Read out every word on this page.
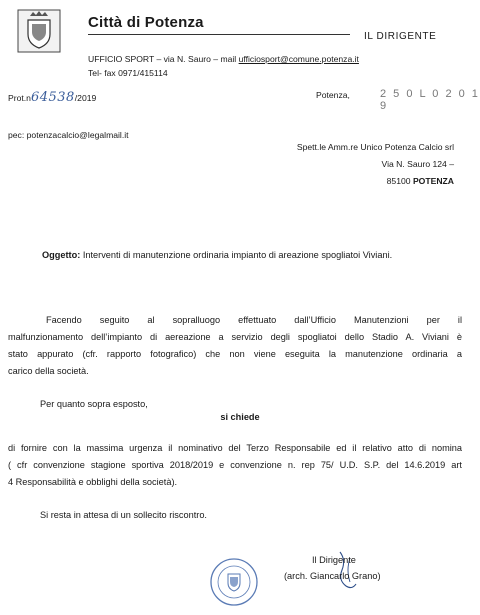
Città di Potenza
IL DIRIGENTE
UFFICIO SPORT – via N. Sauro – mail ufficiosport@comune.potenza.it
Tel- fax 0971/415114
Prot.n64538/2019	Potenza,	2 5 0 L 0 2 0 1 9
pec: potenzacalcio@legalmail.it
Spett.le Amm.re Unico Potenza Calcio srl
Via N. Sauro 124 –
85100 POTENZA
Oggetto: Interventi di manutenzione ordinaria impianto di areazione spogliatoi Viviani.
Facendo seguito al sopralluogo effettuato dall’Ufficio Manutenzioni per il
malfunzionamento dell’impianto di aereazione a servizio degli spogliatoi dello Stadio A. Viviani è
stato appurato (cfr. rapporto fotografico) che non viene eseguita la manutenzione ordinaria a
carico della società.
Per quanto sopra esposto,
si chiede
di fornire con la massima urgenza il nominativo del Terzo Responsabile ed il relativo atto di nomina
( cfr convenzione stagione sportiva 2018/2019 e convenzione n. rep 75/ U.D. S.P. del 14.6.2019 art
4 Responsabilità e obblighi della società).
Si resta in attesa di un sollecito riscontro.
Il Dirigente
(arch. Giancarlo Grano)
